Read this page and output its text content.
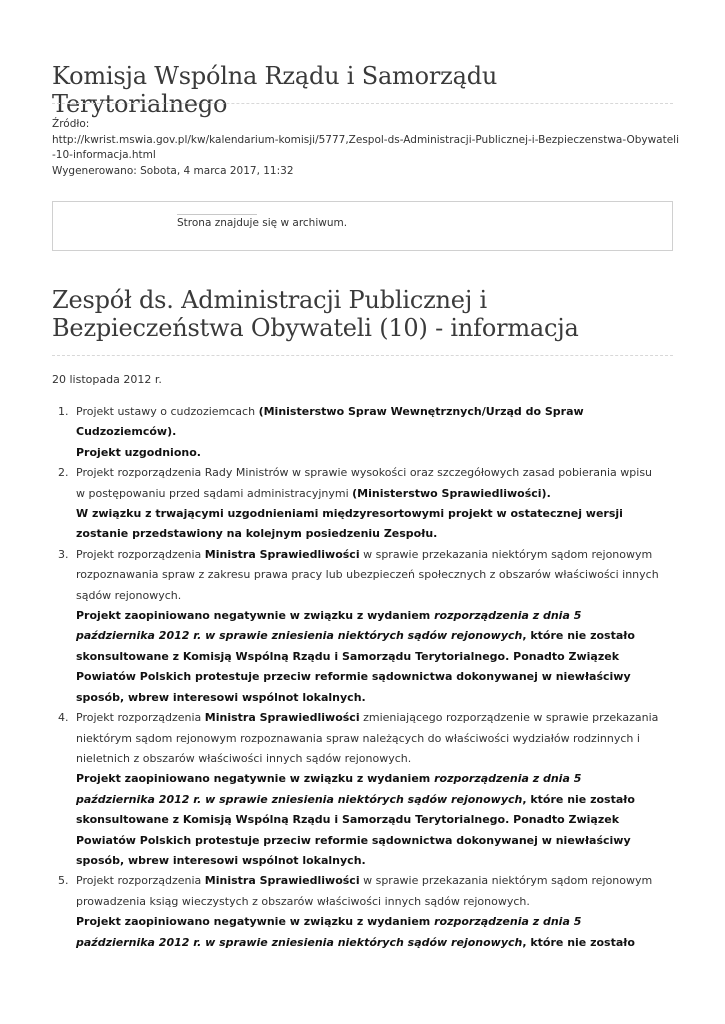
Komisja Wspólna Rządu i Samorządu Terytorialnego
Źródło:
http://kwrist.mswia.gov.pl/kw/kalendarium-komisji/5777,Zespol-ds-Administracji-Publicznej-i-Bezpieczenstwa-Obywateli
-10-informacja.html
Wygenerowano: Sobota, 4 marca 2017, 11:32
Strona znajduje się w archiwum.
Zespół ds. Administracji Publicznej i
Bezpieczeństwa Obywateli (10) - informacja
20 listopada 2012 r.
1. Projekt ustawy o cudzoziemcach (Ministerstwo Spraw Wewnętrznych/Urząd do Spraw Cudzoziemców).
Projekt uzgodniono.
2. Projekt rozporządzenia Rady Ministrów w sprawie wysokości oraz szczegółowych zasad pobierania wpisu w postępowaniu przed sądami administracyjnymi (Ministerstwo Sprawiedliwości).
W związku z trwającymi uzgodnieniami międzyresortowymi projekt w ostatecznej wersji zostanie przedstawiony na kolejnym posiedzeniu Zespołu.
3. Projekt rozporządzenia Ministra Sprawiedliwości w sprawie przekazania niektórym sądom rejonowym rozpoznawania spraw z zakresu prawa pracy lub ubezpieczeń społecznych z obszarów właściwości innych sądów rejonowych.
Projekt zaopiniowano negatywnie w związku z wydaniem rozporządzenia z dnia 5 października 2012 r. w sprawie zniesienia niektórych sądów rejonowych, które nie zostało skonsultowane z Komisją Wspólną Rządu i Samorządu Terytorialnego. Ponadto Związek Powiatów Polskich protestuje przeciw reformie sądownictwa dokonywanej w niewłaściwy sposób, wbrew interesowi wspólnot lokalnych.
4. Projekt rozporządzenia Ministra Sprawiedliwości zmieniającego rozporządzenie w sprawie przekazania niektórym sądom rejonowym rozpoznawania spraw należących do właściwości wydziałów rodzinnych i nieletnich z obszarów właściwości innych sądów rejonowych.
Projekt zaopiniowano negatywnie w związku z wydaniem rozporządzenia z dnia 5 października 2012 r. w sprawie zniesienia niektórych sądów rejonowych, które nie zostało skonsultowane z Komisją Wspólną Rządu i Samorządu Terytorialnego. Ponadto Związek Powiatów Polskich protestuje przeciw reformie sądownictwa dokonywanej w niewłaściwy sposób, wbrew interesowi wspólnot lokalnych.
5. Projekt rozporządzenia Ministra Sprawiedliwości w sprawie przekazania niektórym sądom rejonowym prowadzenia ksiąg wieczystych z obszarów właściwości innych sądów rejonowych.
Projekt zaopiniowano negatywnie w związku z wydaniem rozporządzenia z dnia 5 października 2012 r. w sprawie zniesienia niektórych sądów rejonowych, które nie zostało
